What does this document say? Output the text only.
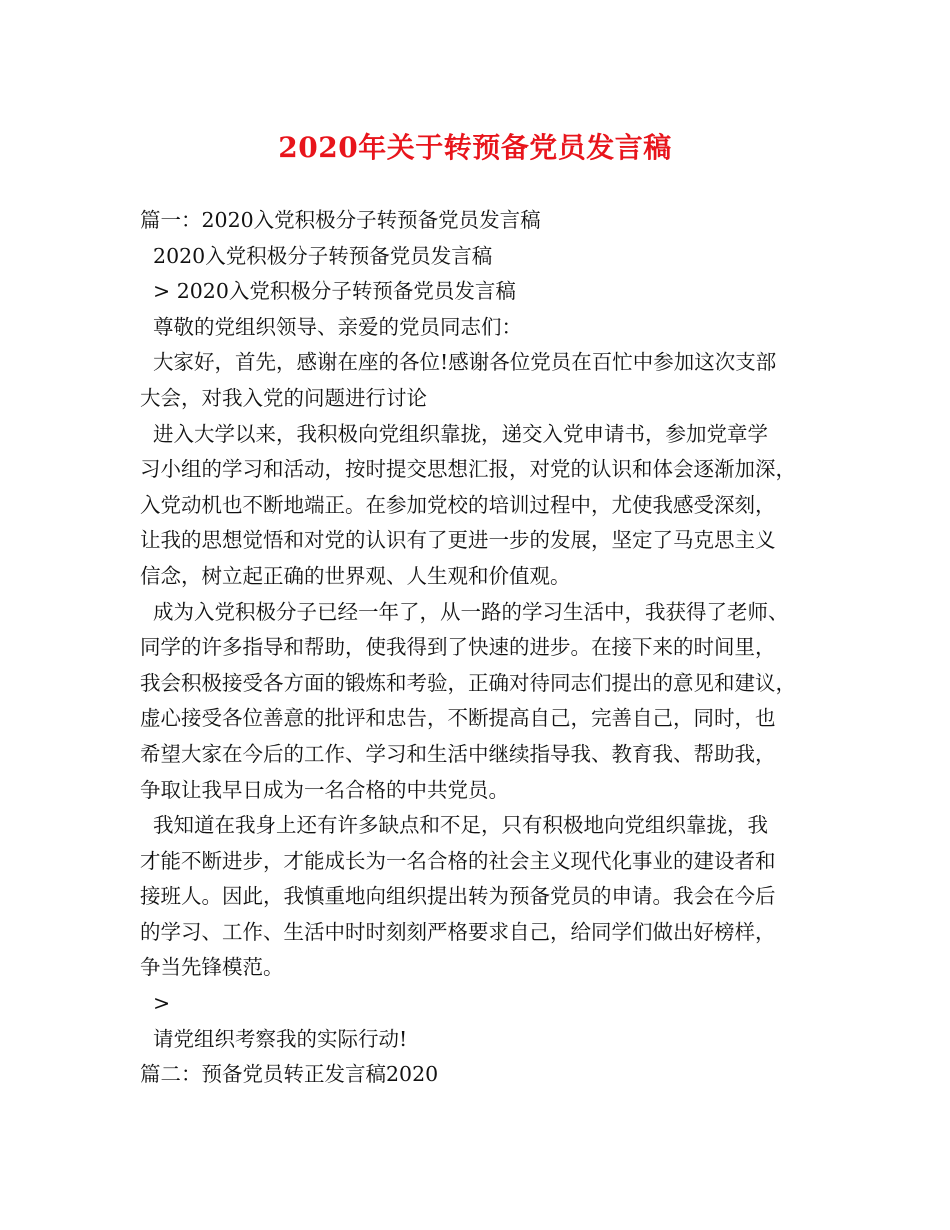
2020年关于转预备党员发言稿
篇一：2020入党积极分子转预备党员发言稿
2020入党积极分子转预备党员发言稿
> 2020入党积极分子转预备党员发言稿
尊敬的党组织领导、亲爱的党员同志们：
大家好，首先，感谢在座的各位!感谢各位党员在百忙中参加这次支部
大会，对我入党的问题进行讨论
进入大学以来，我积极向党组织靠拢，递交入党申请书，参加党章学
习小组的学习和活动，按时提交思想汇报，对党的认识和体会逐渐加深，
入党动机也不断地端正。在参加党校的培训过程中，尤使我感受深刻，
让我的思想觉悟和对党的认识有了更进一步的发展，坚定了马克思主义
信念，树立起正确的世界观、人生观和价值观。
成为入党积极分子已经一年了，从一路的学习生活中，我获得了老师、
同学的许多指导和帮助，使我得到了快速的进步。在接下来的时间里，
我会积极接受各方面的锻炼和考验，正确对待同志们提出的意见和建议，
虚心接受各位善意的批评和忠告，不断提高自己，完善自己，同时，也
希望大家在今后的工作、学习和生活中继续指导我、教育我、帮助我，
争取让我早日成为一名合格的中共党员。
我知道在我身上还有许多缺点和不足，只有积极地向党组织靠拢，我
才能不断进步，才能成长为一名合格的社会主义现代化事业的建设者和
接班人。因此，我慎重地向组织提出转为预备党员的申请。我会在今后
的学习、工作、生活中时时刻刻严格要求自己，给同学们做出好榜样，
争当先锋模范。
>
请党组织考察我的实际行动!
篇二：预备党员转正发言稿2020
